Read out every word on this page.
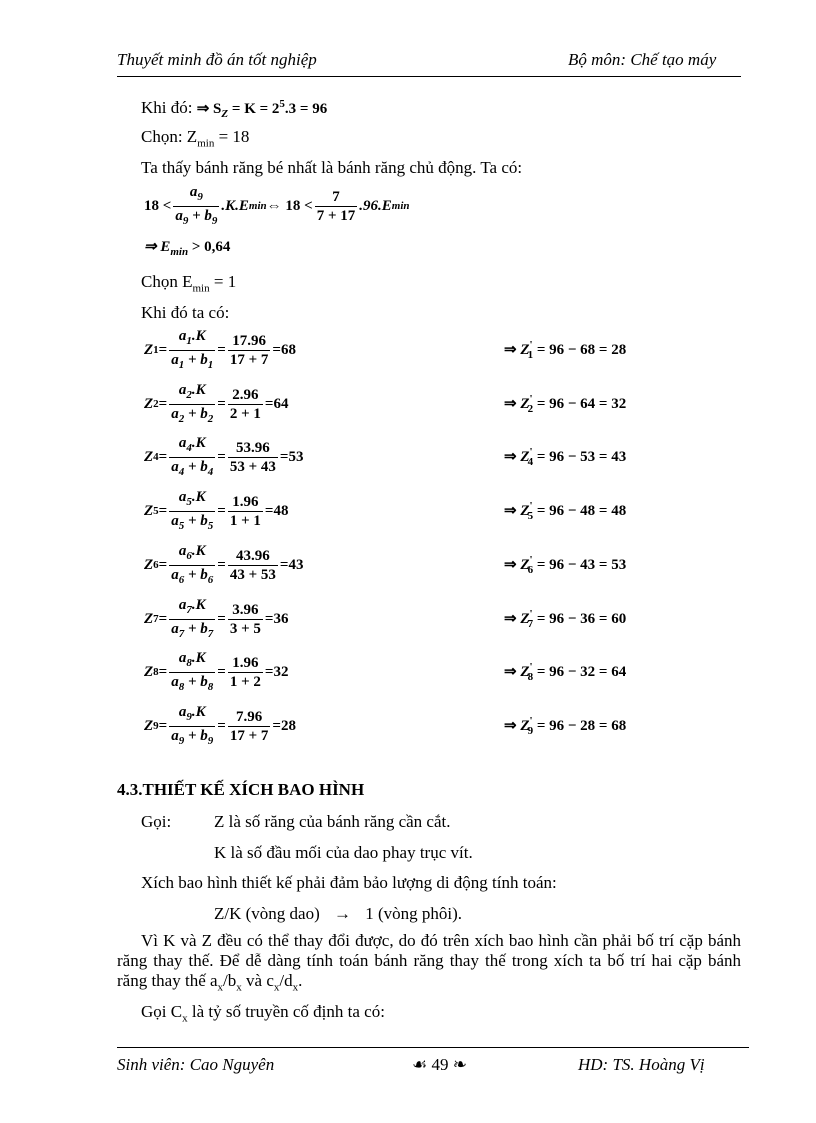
Thuyết minh đồ án tốt nghiệp	Bộ môn: Chế tạo máy
Khi đó: ⇒ $S_Z = K = 2^5.3 = 96$
Chọn: $Z_{min} = 18$
Ta thấy bánh răng bé nhất là bánh răng chủ động. Ta có:
$18 < \frac{a_9}{a_9 + b_9} .K.E$ min ⇔ $18 < \frac{7}{7 + 17} .96.E$ min
⇒ $E_{min} > 0,64$
Chọn $E_{min} = 1$
Khi đó ta có:
Z $1 = \frac{a_1.K}{a_1 + b_1} = \frac{17.96}{17 + 7} = 68$	⇒ $Z'_1 = 96 - 68 = 28$
Z $2 = \frac{a_2.K}{a_2 + b_2} = \frac{2.96}{2 + 1} = 64$	⇒ $Z'_2 = 96 - 64 = 32$
Z $4 = \frac{a_4.K}{a_4 + b_4} = \frac{53.96}{53 + 43} = 53$	⇒ $Z'_4 = 96 - 53 = 43$
Z $5 = \frac{a_5.K}{a_5 + b_5} = \frac{1.96}{1 + 1} = 48$	⇒ $Z'_5 = 96 - 48 = 48$
Z $6 = \frac{a_6.K}{a_6 + b_6} = \frac{43.96}{43 + 53} = 43$	⇒ $Z'_6 = 96 - 43 = 53$
Z $7 = \frac{a_7.K}{a_7 + b_7} = \frac{3.96}{3 + 5} = 36$	⇒ $Z'_7 = 96 - 36 = 60$
Z $8 = \frac{a_8.K}{a_8 + b_8} = \frac{1.96}{1 + 2} = 32$	⇒ $Z'_8 = 96 - 32 = 64$
Z $9 = \frac{a_9.K}{a_9 + b_9} = \frac{7.96}{17 + 7} = 28$	⇒ $Z'_9 = 96 - 28 = 68$
4.3.THIẾT KẾ XÍCH BAO HÌNH
Gọi:	Z là số răng của bánh răng cần cắt.
K là số đầu mối của dao phay trục vít.
Xích bao hình thiết kế phải đảm bảo lượng di động tính toán:
Z/K (vòng dao) → 1 (vòng phôi).
Vì K và Z đều có thể thay đổi được, do đó trên xích bao hình cần phải bố trí cặp bánh răng thay thế. Để dễ dàng tính toán bánh răng thay thế trong xích ta bố trí hai cặp bánh răng thay thế $a_x/b_x$ và $c_x/d_x$.
Gọi $C_x$ là tỷ số truyền cố định ta có:
Sinh viên: Cao Nguyên	☙ 49 ❧	HD: TS. Hoàng Vị
